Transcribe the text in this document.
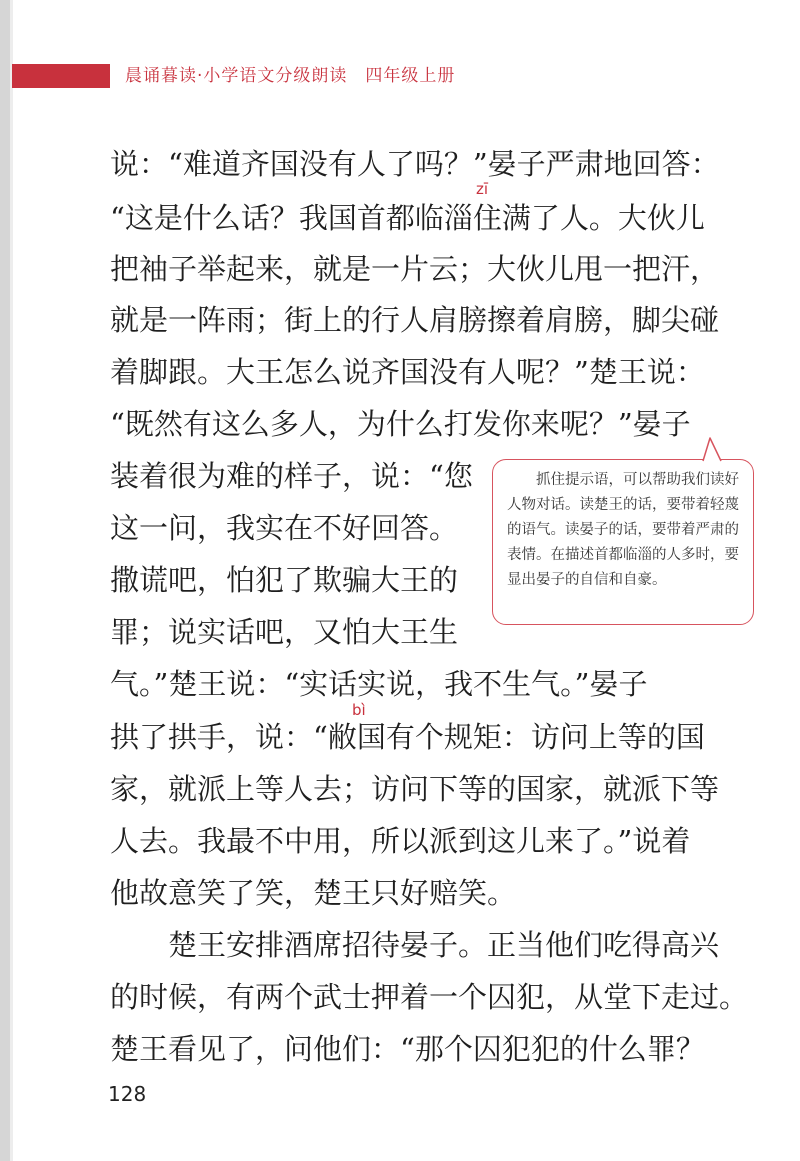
晨诵暮读·小学语文分级朗读 四年级上册
zī
bì
说：“难道齐国没有人了吗？”晏子严肃地回答：
“这是什么话？我国首都临淄住满了人。大伙儿
把袖子举起来，就是一片云；大伙儿甩一把汗，
就是一阵雨；街上的行人肩膀擦着肩膀，脚尖碰
着脚跟。大王怎么说齐国没有人呢？”楚王说：
“既然有这么多人，为什么打发你来呢？”晏子
装着很为难的样子，说：“您
这一问，我实在不好回答。
撒谎吧，怕犯了欺骗大王的
罪；说实话吧，又怕大王生
气。”楚王说：“实话实说，我不生气。”晏子
拱了拱手，说：“敝国有个规矩：访问上等的国
家，就派上等人去；访问下等的国家，就派下等
人去。我最不中用，所以派到这儿来了。”说着
他故意笑了笑，楚王只好赔笑。
　　楚王安排酒席招待晏子。正当他们吃得高兴
的时候，有两个武士押着一个囚犯，从堂下走过。
楚王看见了，问他们：“那个囚犯犯的什么罪？
抓住提示语，可以帮助我们读好人物对话。读楚王的话，要带着轻蔑的语气。读晏子的话，要带着严肃的表情。在描述首都临淄的人多时，要显出晏子的自信和自豪。
128
